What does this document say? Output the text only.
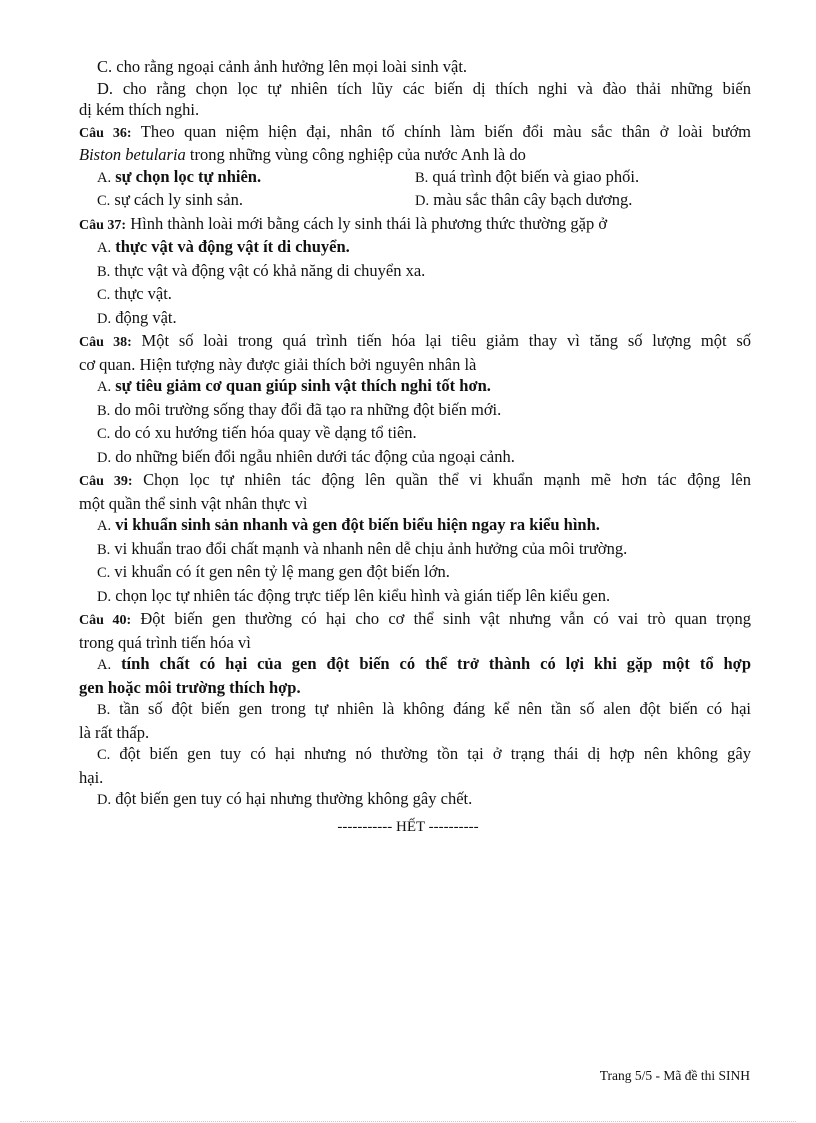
C. cho rằng ngoại cảnh ảnh hưởng lên mọi loài sinh vật.
D. cho rằng chọn lọc tự nhiên tích lũy các biến dị thích nghi và đào thải những biến
dị kém thích nghi.
Câu 36: Theo quan niệm hiện đại, nhân tố chính làm biến đổi màu sắc thân ở loài bướm
Biston betularia trong những vùng công nghiệp của nước Anh là do
A. sự chọn lọc tự nhiên.	B. quá trình đột biến và giao phối.
C. sự cách ly sinh sản.	D. màu sắc thân cây bạch dương.
Câu 37: Hình thành loài mới bằng cách ly sinh thái là phương thức thường gặp ở
A. thực vật và động vật ít di chuyển.
B. thực vật và động vật có khả năng di chuyển xa.
C. thực vật.
D. động vật.
Câu 38: Một số loài trong quá trình tiến hóa lại tiêu giảm thay vì tăng số lượng một số
cơ quan. Hiện tượng này được giải thích bởi nguyên nhân là
A. sự tiêu giảm cơ quan giúp sinh vật thích nghi tốt hơn.
B. do môi trường sống thay đổi đã tạo ra những đột biến mới.
C. do có xu hướng tiến hóa quay về dạng tổ tiên.
D. do những biến đổi ngẫu nhiên dưới tác động của ngoại cảnh.
Câu 39: Chọn lọc tự nhiên tác động lên quần thể vi khuẩn mạnh mẽ hơn tác động lên
một quần thể sinh vật nhân thực vì
A. vi khuẩn sinh sản nhanh và gen đột biến biểu hiện ngay ra kiểu hình.
B. vi khuẩn trao đổi chất mạnh và nhanh nên dễ chịu ảnh hưởng của môi trường.
C. vi khuẩn có ít gen nên tỷ lệ mang gen đột biến lớn.
D. chọn lọc tự nhiên tác động trực tiếp lên kiểu hình và gián tiếp lên kiểu gen.
Câu 40: Đột biến gen thường có hại cho cơ thể sinh vật nhưng vẫn có vai trò quan trọng
trong quá trình tiến hóa vì
A. tính chất có hại của gen đột biến có thể trở thành có lợi khi gặp một tổ hợp
gen hoặc môi trường thích hợp.
B. tần số đột biến gen trong tự nhiên là không đáng kể nên tần số alen đột biến có hại
là rất thấp.
C. đột biến gen tuy có hại nhưng nó thường tồn tại ở trạng thái dị hợp nên không gây
hại.
D. đột biến gen tuy có hại nhưng thường không gây chết.
----------- HẾT ----------
Trang 5/5 - Mã đề thi SINH
